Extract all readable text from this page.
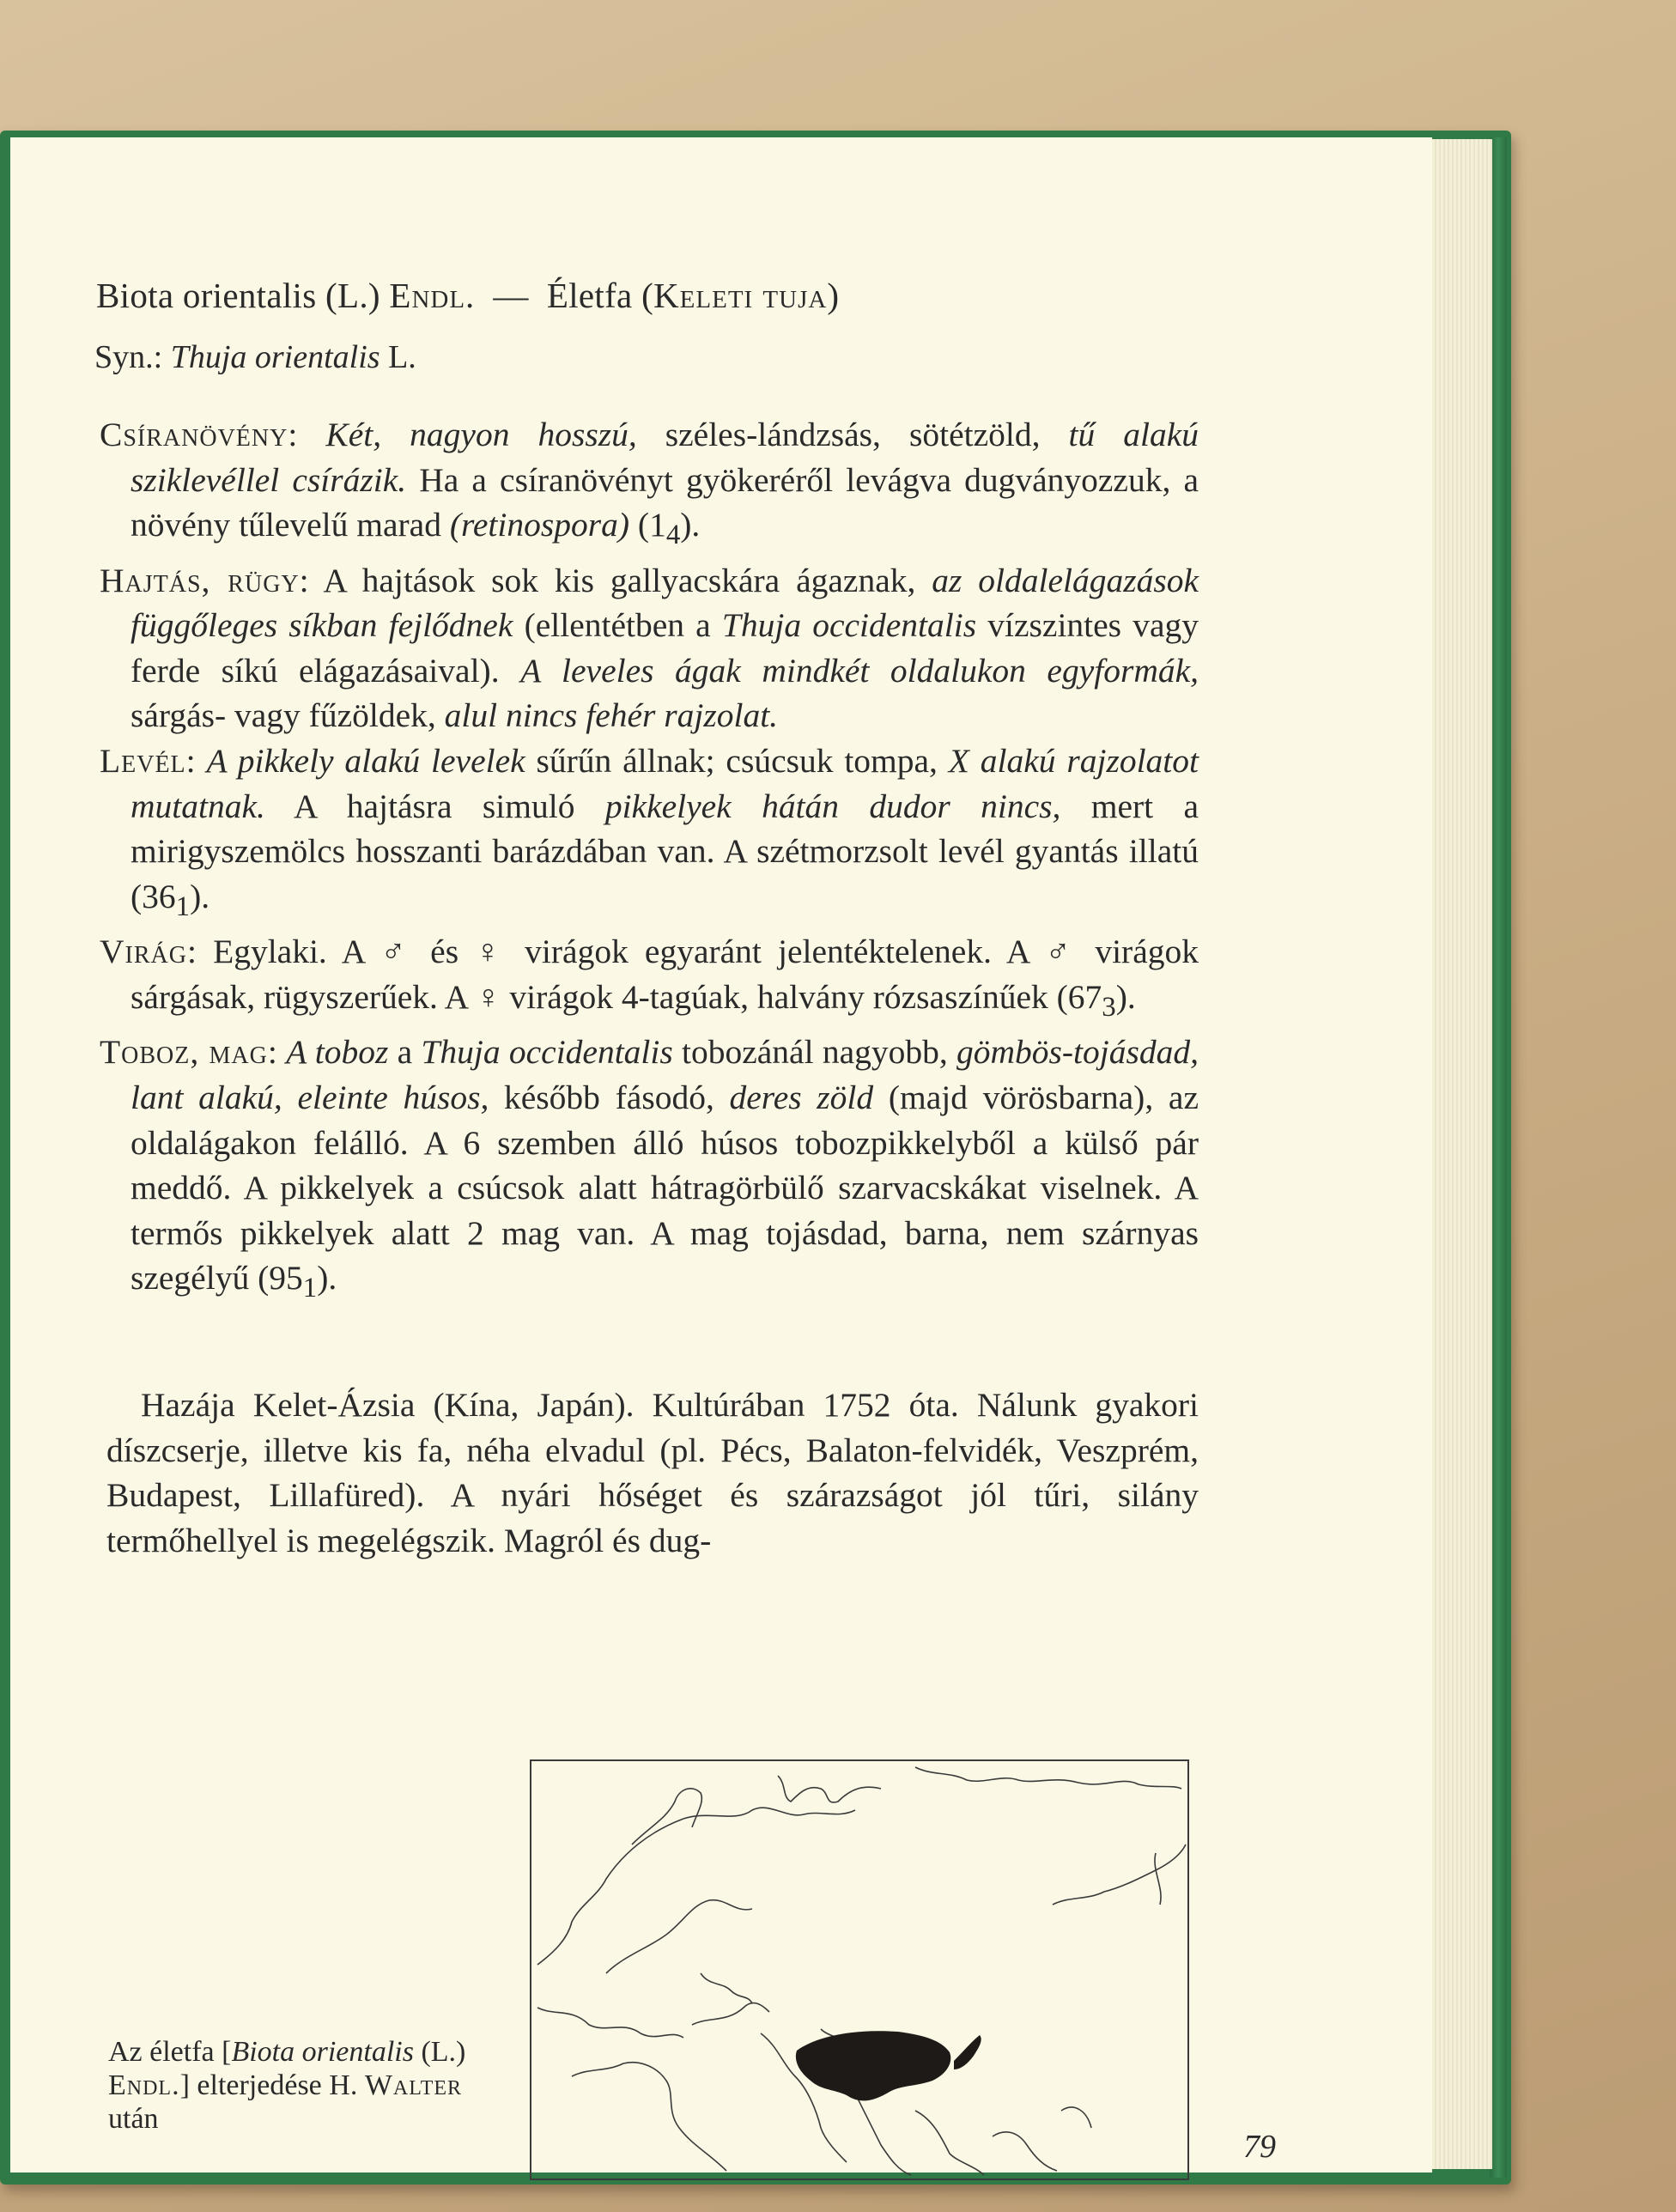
Biota orientalis (L.) Endl. — Életfa (Keleti tuja)
Syn.: Thuja orientalis L.

Csíranövény: Két, nagyon hosszú, széles-lándzsás, sötétzöld, tű alakú sziklevéllel csírázik. Ha a csíranövényt gyökeréről levágva dugványozzuk, a növény tűlevelű marad (retinospora) $(1_4)$.

Hajtás, rügy: A hajtások sok kis gallyacskára ágaznak, az oldalelágazások függőleges síkban fejlődnek (ellentétben a Thuja occidentalis vízszintes vagy ferde síkú elágazásaival). A leveles ágak mindkét oldalukon egyformák, sárgás- vagy fűzöldek, alul nincs fehér rajzolat.

Levél: A pikkely alakú levelek sűrűn állnak; csúcsuk tompa, X alakú rajzolatot mutatnak. A hajtásra simuló pikkelyek hátán dudor nincs, mert a mirigyszemölcs hosszanti barázdában van. A szétmorzsolt levél gyantás illatú $(36_1)$.

Virág: Egylaki. A ♂ és ♀ virágok egyaránt jelentéktelenek. A ♂ virágok sárgásak, rügyszerűek. A ♀ virágok 4-tagúak, halvány rózsaszínűek $(67_3)$.

Toboz, mag: A toboz a Thuja occidentalis tobozánál nagyobb, gömbös-tojásdad, lant alakú, eleinte húsos, később fásodó, deres zöld (majd vörösbarna), az oldalágakon felálló. A 6 szemben álló húsos tobozpikkelyből a külső pár meddő. A pikkelyek a csúcsok alatt hátragörbülő szarvacskákat viselnek. A termős pikkelyek alatt 2 mag van. A mag tojásdad, barna, nem szárnyas szegélyű $(95_1)$.

Hazája Kelet-Ázsia (Kína, Japán). Kultúrában 1752 óta. Nálunk gyakori díszcserje, illetve kis fa, néha elvadul (pl. Pécs, Balaton-felvidék, Veszprém, Budapest, Lillafüred). A nyári hőséget és szárazságot jól tűri, silány termőhellyel is megelégszik. Magról és dug-
Az életfa [Biota orientalis (L.) Endl.] elterjedése H. Walter után
79
